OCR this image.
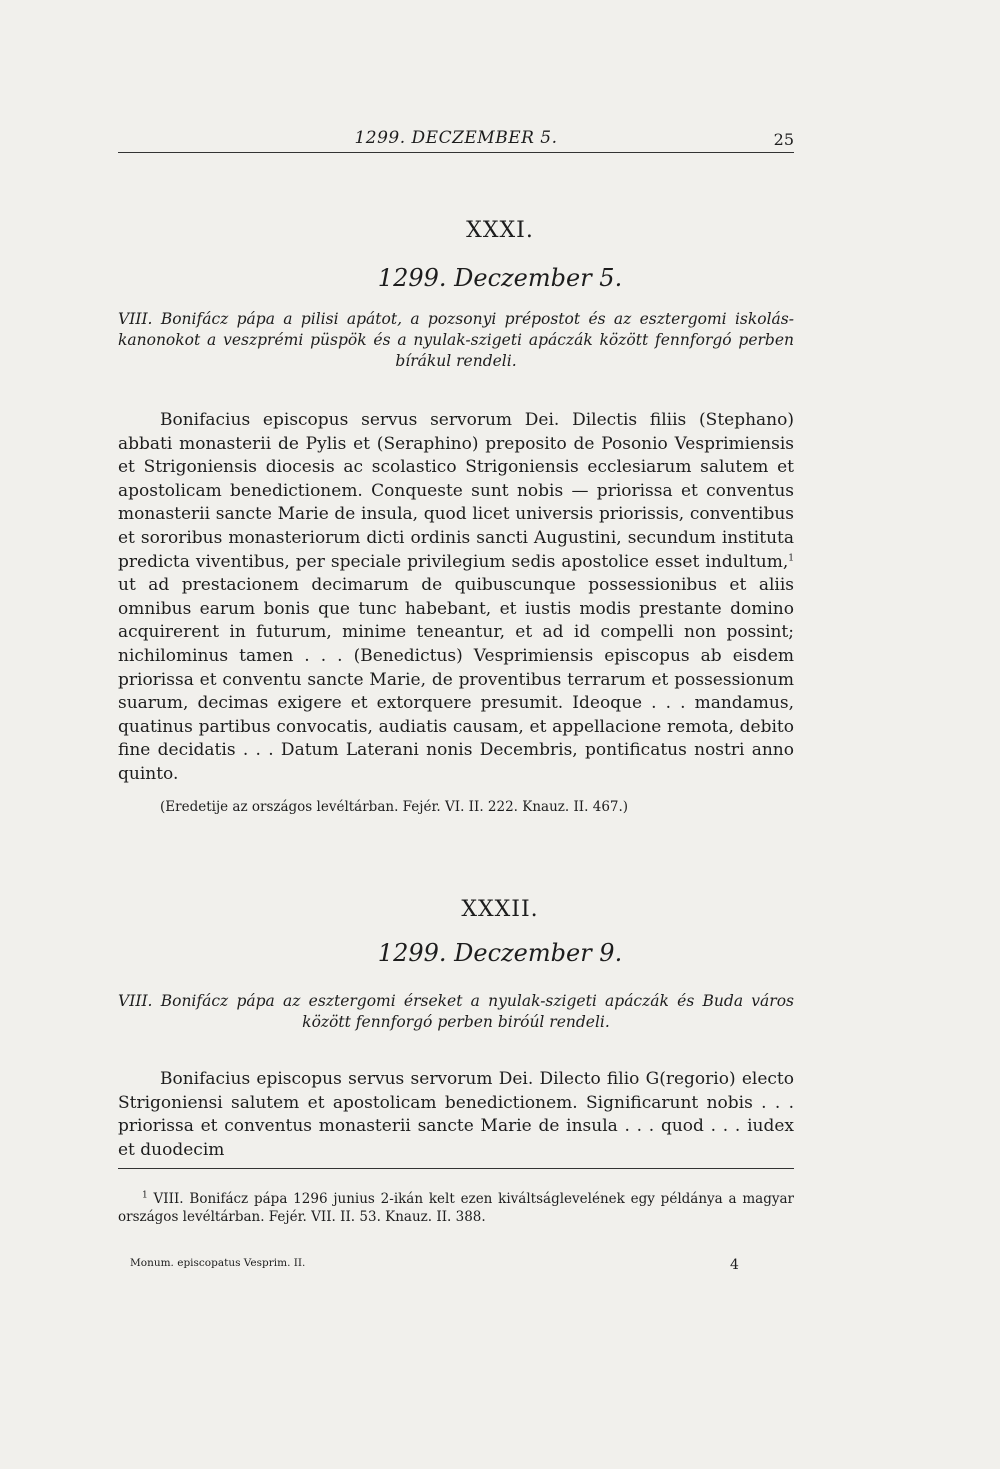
1299. DECZEMBER 5.	25
XXXI.
1299. Deczember 5.
VIII. Bonifácz pápa a pilisi apátot, a pozsonyi prépostot és az esztergomi iskolás-kanonokot a veszprémi püspök és a nyulak-szigeti apáczák között fennforgó perben bírákul rendeli.

Bonifacius episcopus servus servorum Dei. Dilectis filiis (Stephano) abbati monasterii de Pylis et (Seraphino) preposito de Posonio Vesprimiensis et Strigoniensis diocesis ac scolastico Strigoniensis ecclesiarum salutem et apostolicam benedictionem. Conqueste sunt nobis — priorissa et conventus monasterii sancte Marie de insula, quod licet universis priorissis, conventibus et sororibus monasteriorum dicti ordinis sancti Augustini, secundum instituta predicta viventibus, per speciale privilegium sedis apostolice esset indultum,$^1$ ut ad prestacionem decimarum de quibuscunque possessionibus et aliis omnibus earum bonis que tunc habebant, et iustis modis prestante domino acquirerent in futurum, minime teneantur, et ad id compelli non possint; nichilominus tamen . . . (Benedictus) Vesprimiensis episcopus ab eisdem priorissa et conventu sancte Marie, de proventibus terrarum et possessionum suarum, decimas exigere et extorquere presumit. Ideoque . . . mandamus, quatinus partibus convocatis, audiatis causam, et appellacione remota, debito fine decidatis . . . Datum Laterani nonis Decembris, pontificatus nostri anno quinto.

(Eredetije az országos levéltárban. Fejér. VI. II. 222. Knauz. II. 467.)
XXXII.
1299. Deczember 9.
VIII. Bonifácz pápa az esztergomi érseket a nyulak-szigeti apáczák és Buda város között fennforgó perben biróúl rendeli.

Bonifacius episcopus servus servorum Dei. Dilecto filio G(regorio) electo Strigoniensi salutem et apostolicam benedictionem. Significarunt nobis . . . priorissa et conventus monasterii sancte Marie de insula . . . quod . . . iudex et duodecim

$^1$ VIII. Bonifácz pápa 1296 junius 2-ikán kelt ezen kiváltságlevelének egy példánya a magyar országos levéltárban. Fejér. VII. II. 53. Knauz. II. 388.
Monum. episcopatus Vesprim. II.	4
